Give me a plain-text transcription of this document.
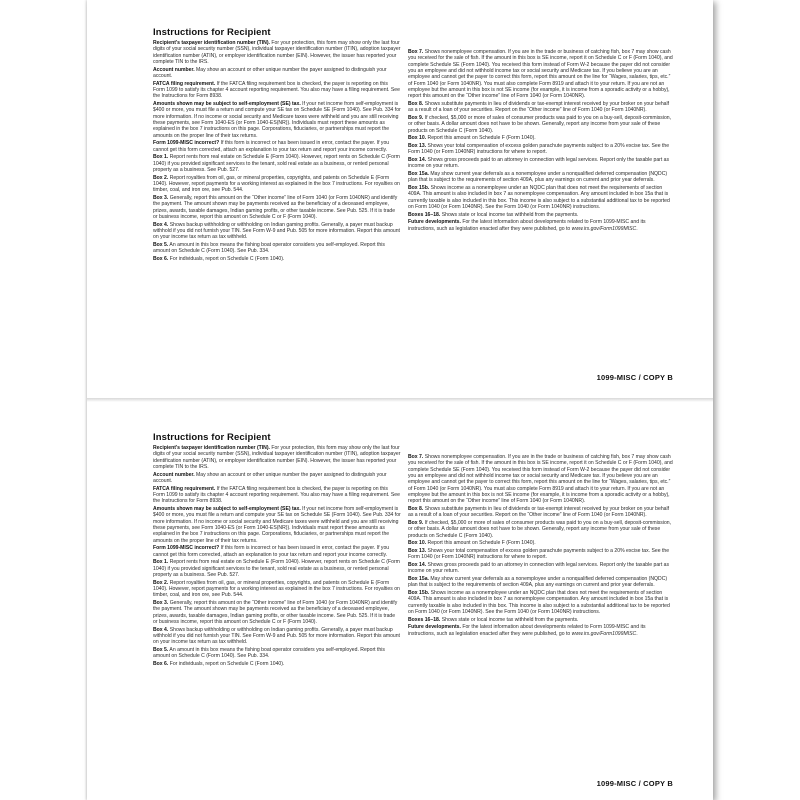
Instructions for Recipient
Recipient's taxpayer identification number (TIN). For your protection, this form may show only the last four digits of your social security number (SSN), individual taxpayer identification number (ITIN), adoption taxpayer identification number (ATIN), or employer identification number (EIN). However, the issuer has reported your complete TIN to the IRS.
Account number. May show an account or other unique number the payer assigned to distinguish your account.
FATCA filing requirement. If the FATCA filing requirement box is checked, the payer is reporting on this Form 1099 to satisfy its chapter 4 account reporting requirement. You also may have a filing requirement. See the Instructions for Form 8938.
Amounts shown may be subject to self-employment (SE) tax. If your net income from self-employment is $400 or more, you must file a return and compute your SE tax on Schedule SE (Form 1040). See Pub. 334 for more information. If no income or social security and Medicare taxes were withheld and you are still receiving these payments, see Form 1040-ES (or Form 1040-ES(NR)). Individuals must report these amounts as explained in the box 7 instructions on this page. Corporations, fiduciaries, or partnerships must report the amounts on the proper line of their tax returns.
Form 1099-MISC incorrect? If this form is incorrect or has been issued in error, contact the payer. If you cannot get this form corrected, attach an explanation to your tax return and report your income correctly.
Box 1. Report rents from real estate on Schedule E (Form 1040). However, report rents on Schedule C (Form 1040) if you provided significant services to the tenant, sold real estate as a business, or rented personal property as a business. See Pub. 527.
Box 2. Report royalties from oil, gas, or mineral properties, copyrights, and patents on Schedule E (Form 1040). However, report payments for a working interest as explained in the box 7 instructions. For royalties on timber, coal, and iron ore, see Pub. 544.
Box 3. Generally, report this amount on the “Other income” line of Form 1040 (or Form 1040NR) and identify the payment. The amount shown may be payments received as the beneficiary of a deceased employee, prizes, awards, taxable damages, Indian gaming profits, or other taxable income. See Pub. 525. If it is trade or business income, report this amount on Schedule C or F (Form 1040).
Box 4. Shows backup withholding or withholding on Indian gaming profits. Generally, a payer must backup withhold if you did not furnish your TIN. See Form W-9 and Pub. 505 for more information. Report this amount on your income tax return as tax withheld.
Box 5. An amount in this box means the fishing boat operator considers you self-employed. Report this amount on Schedule C (Form 1040). See Pub. 334.
Box 6. For individuals, report on Schedule C (Form 1040).
Box 7. Shows nonemployee compensation. If you are in the trade or business of catching fish, box 7 may show cash you received for the sale of fish. If the amount in this box is SE income, report it on Schedule C or F (Form 1040), and complete Schedule SE (Form 1040). You received this form instead of Form W-2 because the payer did not consider you an employee and did not withhold income tax or social security and Medicare tax. If you believe you are an employee and cannot get the payer to correct this form, report this amount on the line for “Wages, salaries, tips, etc.” of Form 1040 (or Form 1040NR). You must also complete Form 8919 and attach it to your return. If you are not an employee but the amount in this box is not SE income (for example, it is income from a sporadic activity or a hobby), report this amount on the “Other income” line of Form 1040 (or Form 1040NR).
Box 8. Shows substitute payments in lieu of dividends or tax-exempt interest received by your broker on your behalf as a result of a loan of your securities. Report on the “Other income” line of Form 1040 (or Form 1040NR).
Box 9. If checked, $5,000 or more of sales of consumer products was paid to you on a buy-sell, deposit-commission, or other basis. A dollar amount does not have to be shown. Generally, report any income from your sale of these products on Schedule C (Form 1040).
Box 10. Report this amount on Schedule F (Form 1040).
Box 13. Shows your total compensation of excess golden parachute payments subject to a 20% excise tax. See the Form 1040 (or Form 1040NR) instructions for where to report.
Box 14. Shows gross proceeds paid to an attorney in connection with legal services. Report only the taxable part as income on your return.
Box 15a. May show current year deferrals as a nonemployee under a nonqualified deferred compensation (NQDC) plan that is subject to the requirements of section 409A, plus any earnings on current and prior year deferrals.
Box 15b. Shows income as a nonemployee under an NQDC plan that does not meet the requirements of section 409A. This amount is also included in box 7 as nonemployee compensation. Any amount included in box 15a that is currently taxable is also included in this box. This income is also subject to a substantial additional tax to be reported on Form 1040 (or Form 1040NR). See the Form 1040 (or Form 1040NR) instructions.
Boxes 16–18. Shows state or local income tax withheld from the payments.
Future developments. For the latest information about developments related to Form 1099-MISC and its instructions, such as legislation enacted after they were published, go to www.irs.gov/Form1099MISC.
1099-MISC / COPY B
Instructions for Recipient
Recipient's taxpayer identification number (TIN). For your protection, this form may show only the last four digits of your social security number (SSN), individual taxpayer identification number (ITIN), adoption taxpayer identification number (ATIN), or employer identification number (EIN). However, the issuer has reported your complete TIN to the IRS.
Account number. May show an account or other unique number the payer assigned to distinguish your account.
FATCA filing requirement. If the FATCA filing requirement box is checked, the payer is reporting on this Form 1099 to satisfy its chapter 4 account reporting requirement. You also may have a filing requirement. See the Instructions for Form 8938.
Amounts shown may be subject to self-employment (SE) tax. If your net income from self-employment is $400 or more, you must file a return and compute your SE tax on Schedule SE (Form 1040). See Pub. 334 for more information. If no income or social security and Medicare taxes were withheld and you are still receiving these payments, see Form 1040-ES (or Form 1040-ES(NR)). Individuals must report these amounts as explained in the box 7 instructions on this page. Corporations, fiduciaries, or partnerships must report the amounts on the proper line of their tax returns.
Form 1099-MISC incorrect? If this form is incorrect or has been issued in error, contact the payer. If you cannot get this form corrected, attach an explanation to your tax return and report your income correctly.
Box 1. Report rents from real estate on Schedule E (Form 1040). However, report rents on Schedule C (Form 1040) if you provided significant services to the tenant, sold real estate as a business, or rented personal property as a business. See Pub. 527.
Box 2. Report royalties from oil, gas, or mineral properties, copyrights, and patents on Schedule E (Form 1040). However, report payments for a working interest as explained in the box 7 instructions. For royalties on timber, coal, and iron ore, see Pub. 544.
Box 3. Generally, report this amount on the “Other income” line of Form 1040 (or Form 1040NR) and identify the payment. The amount shown may be payments received as the beneficiary of a deceased employee, prizes, awards, taxable damages, Indian gaming profits, or other taxable income. See Pub. 525. If it is trade or business income, report this amount on Schedule C or F (Form 1040).
Box 4. Shows backup withholding or withholding on Indian gaming profits. Generally, a payer must backup withhold if you did not furnish your TIN. See Form W-9 and Pub. 505 for more information. Report this amount on your income tax return as tax withheld.
Box 5. An amount in this box means the fishing boat operator considers you self-employed. Report this amount on Schedule C (Form 1040). See Pub. 334.
Box 6. For individuals, report on Schedule C (Form 1040).
Box 7. Shows nonemployee compensation. If you are in the trade or business of catching fish, box 7 may show cash you received for the sale of fish. If the amount in this box is SE income, report it on Schedule C or F (Form 1040), and complete Schedule SE (Form 1040). You received this form instead of Form W-2 because the payer did not consider you an employee and did not withhold income tax or social security and Medicare tax. If you believe you are an employee and cannot get the payer to correct this form, report this amount on the line for “Wages, salaries, tips, etc.” of Form 1040 (or Form 1040NR). You must also complete Form 8919 and attach it to your return. If you are not an employee but the amount in this box is not SE income (for example, it is income from a sporadic activity or a hobby), report this amount on the “Other income” line of Form 1040 (or Form 1040NR).
Box 8. Shows substitute payments in lieu of dividends or tax-exempt interest received by your broker on your behalf as a result of a loan of your securities. Report on the “Other income” line of Form 1040 (or Form 1040NR).
Box 9. If checked, $5,000 or more of sales of consumer products was paid to you on a buy-sell, deposit-commission, or other basis. A dollar amount does not have to be shown. Generally, report any income from your sale of these products on Schedule C (Form 1040).
Box 10. Report this amount on Schedule F (Form 1040).
Box 13. Shows your total compensation of excess golden parachute payments subject to a 20% excise tax. See the Form 1040 (or Form 1040NR) instructions for where to report.
Box 14. Shows gross proceeds paid to an attorney in connection with legal services. Report only the taxable part as income on your return.
Box 15a. May show current year deferrals as a nonemployee under a nonqualified deferred compensation (NQDC) plan that is subject to the requirements of section 409A, plus any earnings on current and prior year deferrals.
Box 15b. Shows income as a nonemployee under an NQDC plan that does not meet the requirements of section 409A. This amount is also included in box 7 as nonemployee compensation. Any amount included in box 15a that is currently taxable is also included in this box. This income is also subject to a substantial additional tax to be reported on Form 1040 (or Form 1040NR). See the Form 1040 (or Form 1040NR) instructions.
Boxes 16–18. Shows state or local income tax withheld from the payments.
Future developments. For the latest information about developments related to Form 1099-MISC and its instructions, such as legislation enacted after they were published, go to www.irs.gov/Form1099MISC.
1099-MISC / COPY B
